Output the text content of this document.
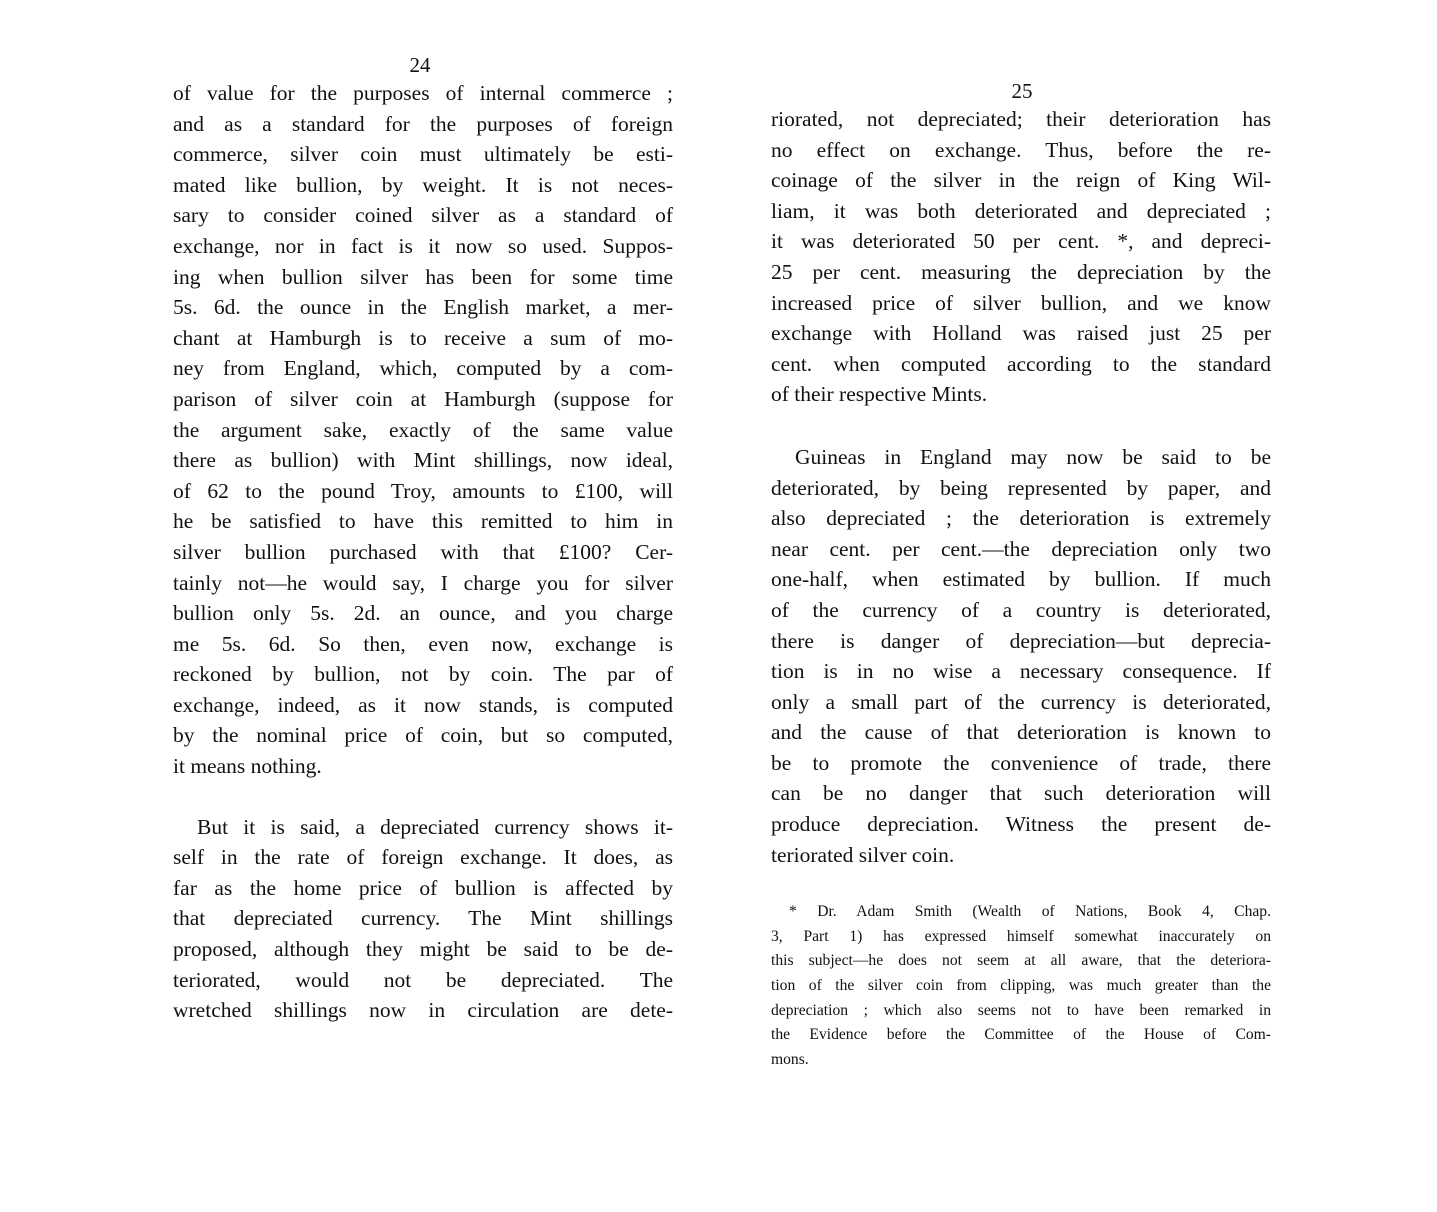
24
of value for the purposes of internal commerce ;
and as a standard for the purposes of foreign
commerce, silver coin must ultimately be esti-
mated like bullion, by weight. It is not neces-
sary to consider coined silver as a standard of
exchange, nor in fact is it now so used. Suppos-
ing when bullion silver has been for some time
5s. 6d. the ounce in the English market, a mer-
chant at Hamburgh is to receive a sum of mo-
ney from England, which, computed by a com-
parison of silver coin at Hamburgh (suppose for
the argument sake, exactly of the same value
there as bullion) with Mint shillings, now ideal,
of 62 to the pound Troy, amounts to £100, will
he be satisfied to have this remitted to him in
silver bullion purchased with that £100? Cer-
tainly not—he would say, I charge you for silver
bullion only 5s. 2d. an ounce, and you charge
me 5s. 6d. So then, even now, exchange is
reckoned by bullion, not by coin. The par of
exchange, indeed, as it now stands, is computed
by the nominal price of coin, but so computed,
it means nothing.
But it is said, a depreciated currency shows it-
self in the rate of foreign exchange. It does, as
far as the home price of bullion is affected by
that depreciated currency. The Mint shillings
proposed, although they might be said to be de-
teriorated, would not be depreciated. The
wretched shillings now in circulation are dete-
25
riorated, not depreciated; their deterioration has
no effect on exchange. Thus, before the re-
coinage of the silver in the reign of King Wil-
liam, it was both deteriorated and depreciated ;
it was deteriorated 50 per cent. *, and depreci-
25 per cent. measuring the depreciation by the
increased price of silver bullion, and we know
exchange with Holland was raised just 25 per
cent. when computed according to the standard
of their respective Mints.
Guineas in England may now be said to be
deteriorated, by being represented by paper, and
also depreciated ; the deterioration is extremely
near cent. per cent.—the depreciation only two
one-half, when estimated by bullion. If much
of the currency of a country is deteriorated,
there is danger of depreciation—but deprecia-
tion is in no wise a necessary consequence. If
only a small part of the currency is deteriorated,
and the cause of that deterioration is known to
be to promote the convenience of trade, there
can be no danger that such deterioration will
produce depreciation. Witness the present de-
teriorated silver coin.
* Dr. Adam Smith (Wealth of Nations, Book 4, Chap.
3, Part 1) has expressed himself somewhat inaccurately on
this subject—he does not seem at all aware, that the deteriora-
tion of the silver coin from clipping, was much greater than the
depreciation ; which also seems not to have been remarked in
the Evidence before the Committee of the House of Com-
mons.
